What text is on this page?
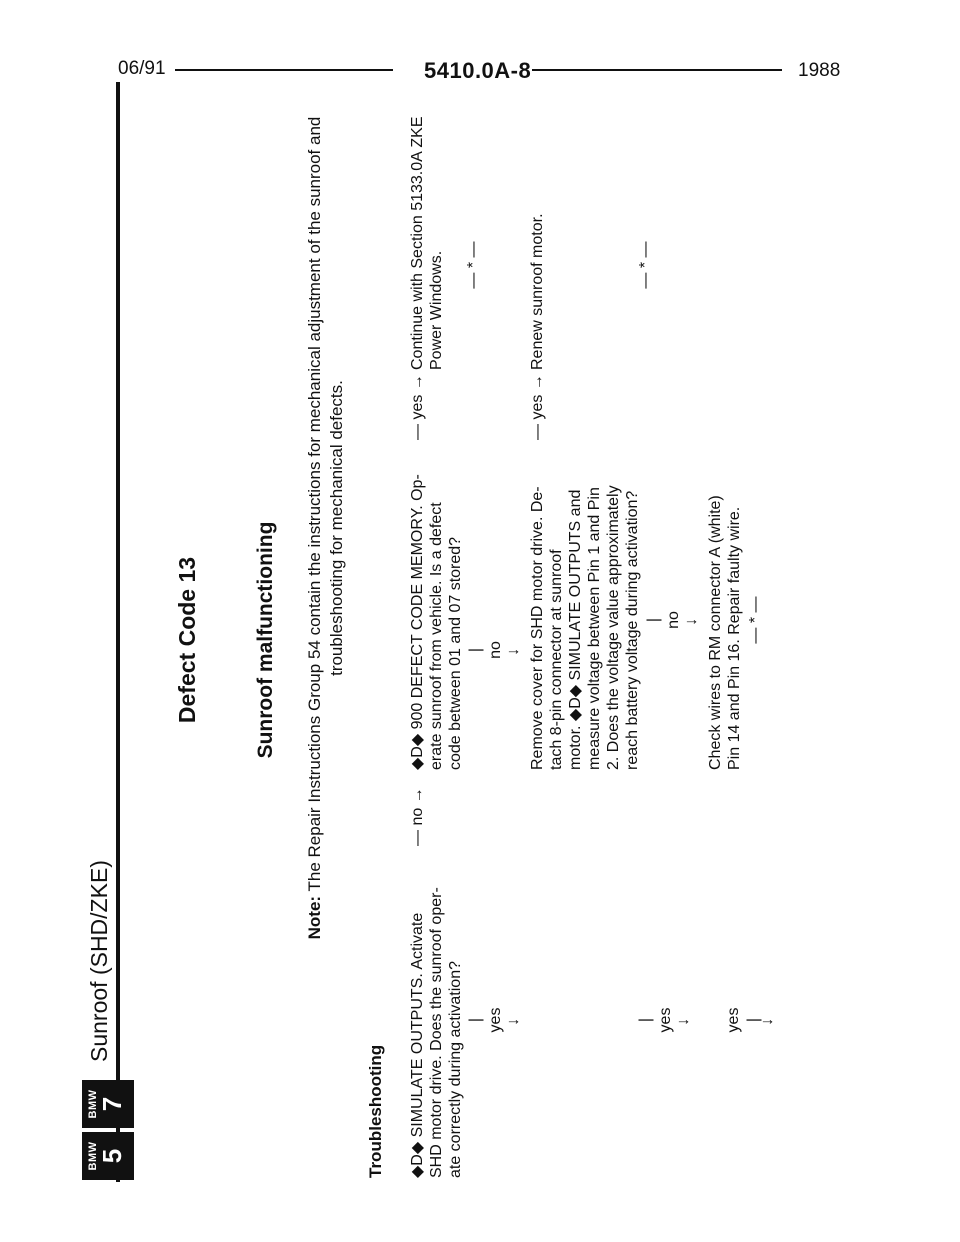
06/91	5410.0A-8	1988
BMW
5
BMW
7
Sunroof (SHD/ZKE)
Defect Code 13	Sunroof malfunctioning
Note: The Repair Instructions Group 54 contain the instructions for mechanical adjustment of the sunroof and troubleshooting for mechanical defects.
Troubleshooting ◆D◆ SIMULATE OUTPUTS. Activate SHD motor drive. Does the sunroof oper- ate correctly during activation?
— no →
| yes →
◆D◆ 900 DEFECT CODE MEMORY. Op- erate sunroof from vehicle. Is a defect code between 01 and 07 stored?
— yes →
Continue with Section 5133.0A ZKE Power Windows. — * —
| no → Remove cover for SHD motor drive. De- tach 8-pin connector at sunroof motor. ◆D◆ SIMULATE OUTPUTS and measure voltage between Pin 1 and Pin 2. Does the voltage value approximately reach battery voltage during activation?
— yes →
Renew sunroof motor.	— * —
| no → Check wires to RM connector A (white) Pin 14 and Pin 16. Repair faulty wire. — * —
| yes →	|
yes →
